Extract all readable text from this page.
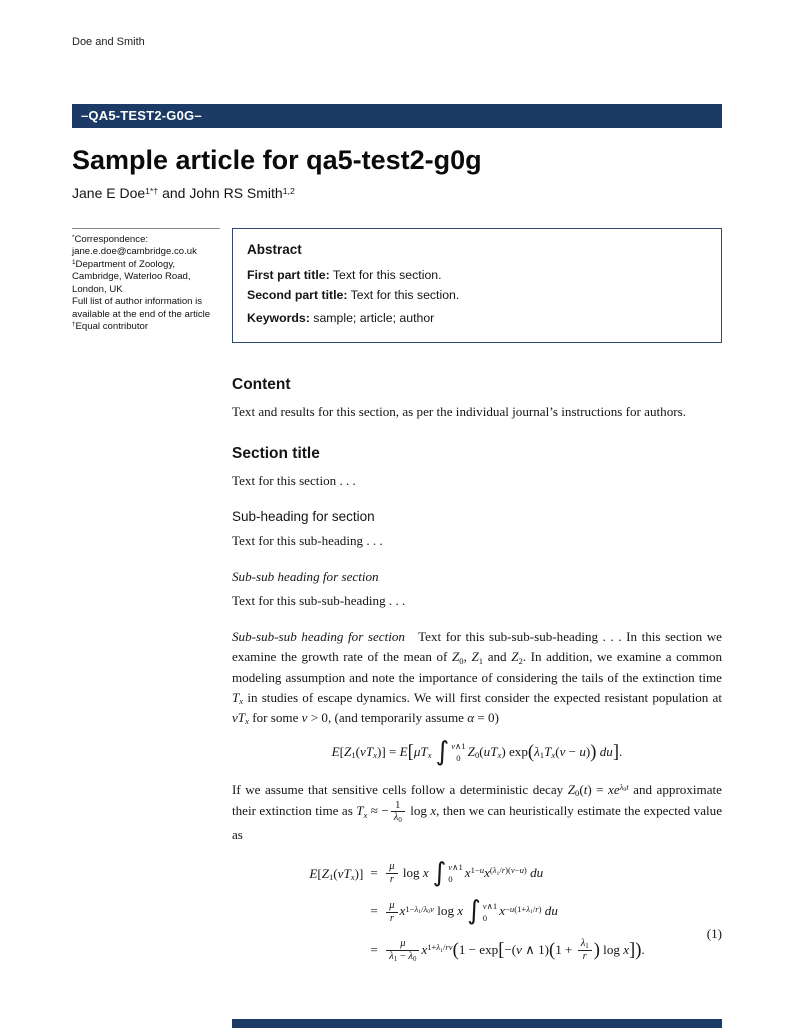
Doe and Smith
–QA5-TEST2-G0G–
Sample article for qa5-test2-g0g
Jane E Doe$^{1*\dagger}$ and John RS Smith$^{1,2}$
*Correspondence:
jane.e.doe@cambridge.co.uk
$^1$Department of Zoology,
Cambridge, Waterloo Road,
London, UK
Full list of author information is available at the end of the article
†Equal contributor
Abstract
First part title: Text for this section.
Second part title: Text for this section.
Keywords: sample; article; author
Content

Text and results for this section, as per the individual journal’s instructions for authors.

Section title

Text for this section . . .

Sub-heading for section

Text for this sub-heading . . .

Sub-sub heading for section

Text for this sub-sub-heading . . .

Sub-sub-sub heading for section Text for this sub-sub-sub-heading . . . In this section we examine the growth rate of the mean of $Z_0$, $Z_1$ and $Z_2$. In addition, we examine a common modeling assumption and note the importance of considering the tails of the extinction time $T_x$ in studies of escape dynamics. We will first consider the expected resistant population at $vT_x$ for some v > 0, (and temporarily assume α = 0)

$E[Z_1(vT_x)] = E[\mu T_x$ ∫ v∧1
0 $Z_0(uT_x) \exp(\lambda_1T_x(v - u))$ du].

If we assume that sensitive cells follow a deterministic decay $Z_0(t) = xe^{\lambda_0t}$ and approximate their extinction time as $T_x$ ≈ − $\frac{1}{\lambda_0}$ log x, then we can heuristically estimate the expected value as

$E[Z_1(vT_x)]$	=  $\frac{\mu}{r}$ log x ∫ v∧1
0 $x^{1-u}x^{(\lambda_1/r)(v-u)}$ du
	=  $\frac{\mu}{r} x^{1-\lambda_1/\lambda_0v}$ log x ∫ v∧1
0 $x^{-u(1+\lambda_1/r)}$ du
	=  $\frac{\mu}{\lambda_1 - \lambda_0} x^{1+\lambda_1/rv}(1 - \exp[-(v$ ∧ $1)(1 + \frac{\lambda_1}{r}$ ) log x]).
(1)
